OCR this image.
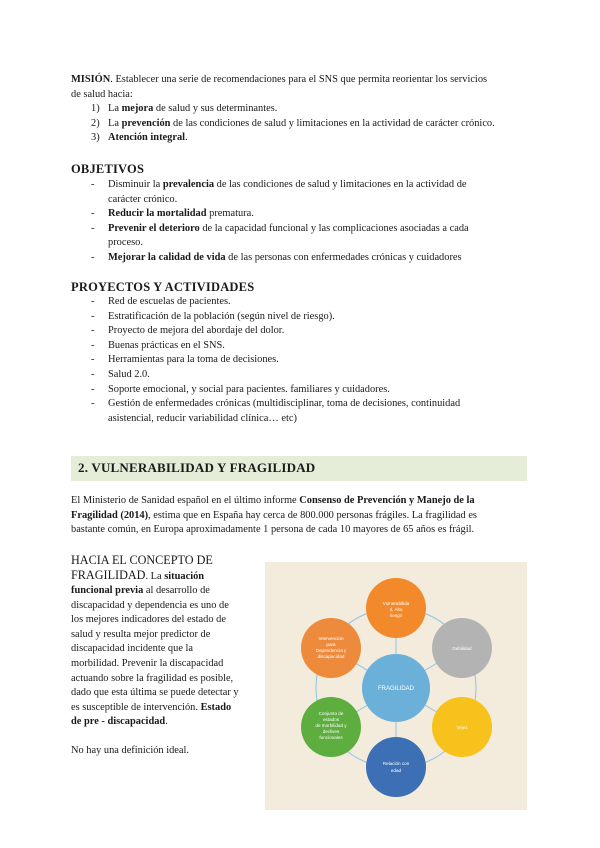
MISIÓN. Establecer una serie de recomendaciones para el SNS que permita reorientar los servicios

de salud hacia:

1) La mejora de salud y sus determinantes.
2) La prevención de las condiciones de salud y limitaciones en la actividad de carácter crónico.
3) Atención integral.

OBJETIVOS

- Disminuir la prevalencia de las condiciones de salud y limitaciones en la actividad de
carácter crónico.
- Reducir la mortalidad prematura.
- Prevenir el deterioro de la capacidad funcional y las complicaciones asociadas a cada
proceso.
- Mejorar la calidad de vida de las personas con enfermedades crónicas y cuidadores

PROYECTOS Y ACTIVIDADES

- Red de escuelas de pacientes.
- Estratificación de la población (según nivel de riesgo).
- Proyecto de mejora del abordaje del dolor.
- Buenas prácticas en el SNS.
- Herramientas para la toma de decisiones.
- Salud 2.0.
- Soporte emocional, y social para pacientes. familiares y cuidadores.
- Gestión de enfermedades crónicas (multidisciplinar, toma de decisiones, continuidad
asistencial, reducir variabilidad clínica… etc)
2. VULNERABILIDAD Y FRAGILIDAD

El Ministerio de Sanidad español en el último informe Consenso de Prevención y Manejo de la
Fragilidad (2014), estima que en España hay cerca de 800.000 personas frágiles. La fragilidad es
bastante común, en Europa aproximadamente 1 persona de cada 10 mayores de 65 años es frágil.

HACIA EL CONCEPTO DE
FRAGILIDAD. La situación
funcional previa al desarrollo de
discapacidad y dependencia es uno de
los mejores indicadores del estado de
salud y resulta mejor predictor de
discapacidad incidente que la
morbilidad. Prevenir la discapacidad
actuando sobre la fragilidad es posible,
dado que esta última se puede detectar y
es susceptible de intervención. Estado
de pre - discapacidad.
No hay una definición ideal.
Vulnerabilida
d, Alto
riesgo
Debilidad
Vejez
Relación con
edad
Conjunto de
estados
de morbilidad y
declives
funcionales
Intervención
para
Dependencia y
discapacidad
FRAGILIDAD
